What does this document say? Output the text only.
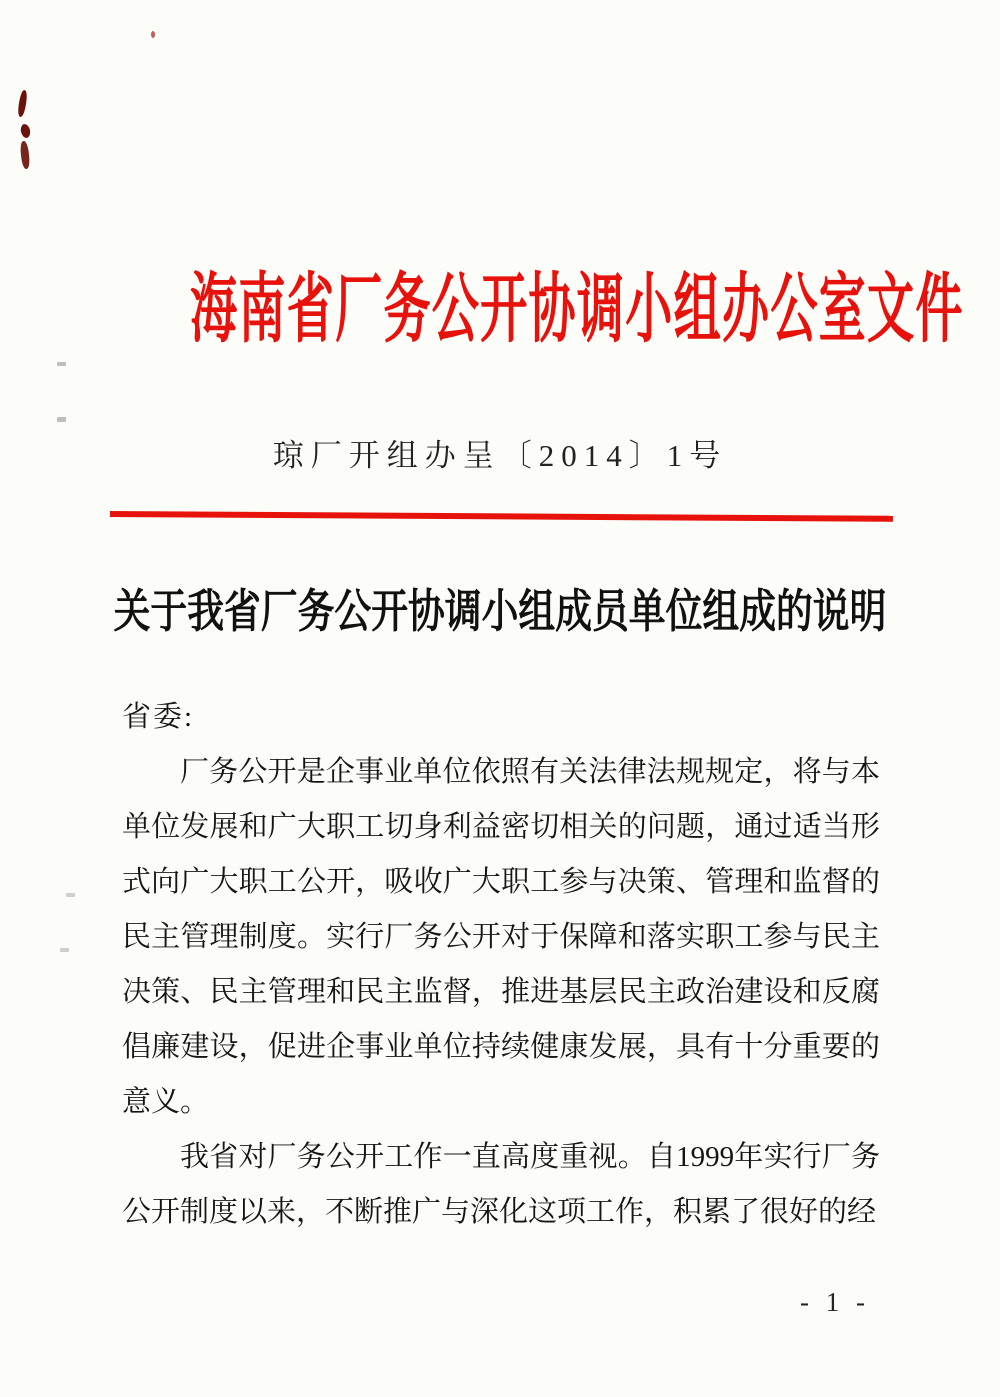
海南省厂务公开协调小组办公室文件
琼厂开组办呈〔2014〕1号
关于我省厂务公开协调小组成员单位组成的说明

省委:

厂务公开是企事业单位依照有关法律法规规定，将与本单位发展和广大职工切身利益密切相关的问题，通过适当形式向广大职工公开，吸收广大职工参与决策、管理和监督的民主管理制度。实行厂务公开对于保障和落实职工参与民主决策、民主管理和民主监督，推进基层民主政治建设和反腐倡廉建设，促进企事业单位持续健康发展，具有十分重要的意义。

我省对厂务公开工作一直高度重视。自1999年实行厂务公开制度以来，不断推广与深化这项工作，积累了很好的经

- 1 -
